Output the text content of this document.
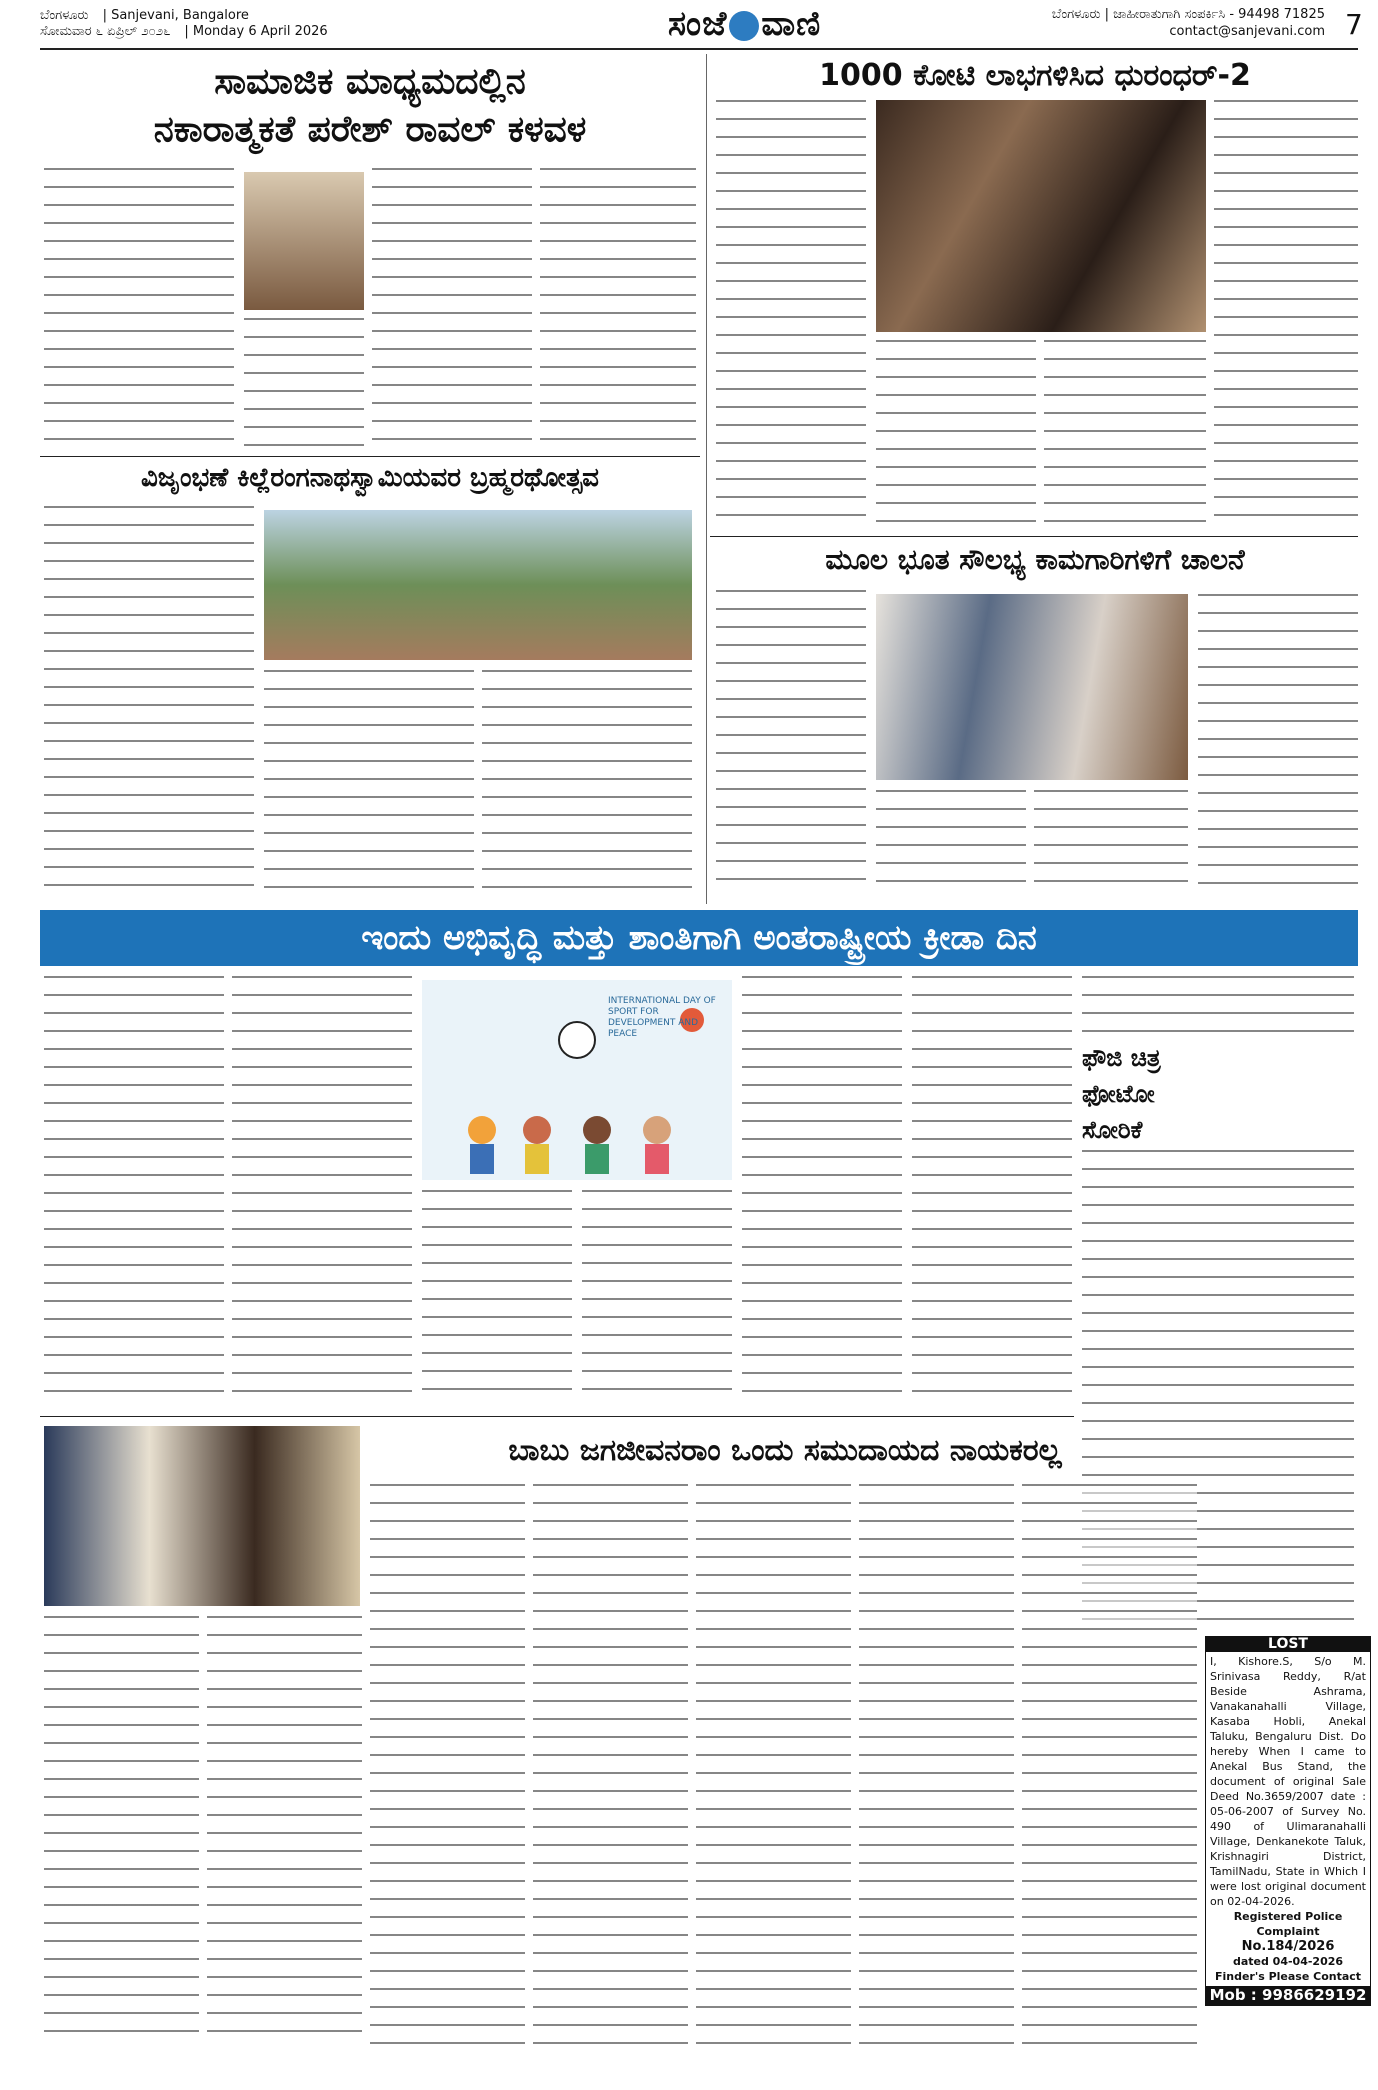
ಬೆಂಗಳೂರು | Sanjevani, Bangalore
ಸೋಮವಾರ ೬ ಏಪ್ರಿಲ್ ೨೦೨೬ | Monday 6 April 2026	ಸಂಜೆ ವಾಣಿ	ಬೆಂಗಳೂರು | ಜಾಹೀರಾತುಗಾಗಿ ಸಂಪರ್ಕಿಸಿ - 94498 71825
contact@sanjevani.com 7
ಸಾಮಾಜಿಕ ಮಾಧ್ಯಮದಲ್ಲಿನ
ನಕಾರಾತ್ಮಕತೆ ಪರೇಶ್ ರಾವಲ್ ಕಳವಳ
1000 ಕೋಟಿ ಲಾಭಗಳಿಸಿದ ಧುರಂಧರ್-2
ವಿಜೃಂಭಣೆ ಕಿಲ್ಲೆರಂಗನಾಥಸ್ವಾಮಿಯವರ ಬ್ರಹ್ಮರಥೋತ್ಸವ
ಮೂಲ ಭೂತ ಸೌಲಭ್ಯ ಕಾಮಗಾರಿಗಳಿಗೆ ಚಾಲನೆ
ಇಂದು ಅಭಿವೃದ್ಧಿ ಮತ್ತು ಶಾಂತಿಗಾಗಿ ಅಂತರಾಷ್ಟ್ರೀಯ ಕ್ರೀಡಾ ದಿನ
INTERNATIONAL DAY OF SPORT FOR DEVELOPMENT AND PEACE
ಫೌಜಿ ಚಿತ್ರ
ಫೋಟೋ
ಸೋರಿಕೆ
ಬಾಬು ಜಗಜೀವನರಾಂ ಒಂದು ಸಮುದಾಯದ ನಾಯಕರಲ್ಲ
LOST
I, Kishore.S, S/o M. Srinivasa Reddy, R/at Beside Ashrama, Vanakanahalli Village, Kasaba Hobli, Anekal Taluku, Bengaluru Dist. Do hereby When I came to Anekal Bus Stand, the document of original Sale Deed No.3659/2007 date : 05-06-2007 of Survey No. 490 of Ulimaranahalli Village, Denkanekote Taluk, Krishnagiri District, TamilNadu, State in Which I were lost original document on 02-04-2026.
Registered Police Complaint
No.184/2026
dated 04-04-2026
Finder's Please Contact
Mob : 9986629192
